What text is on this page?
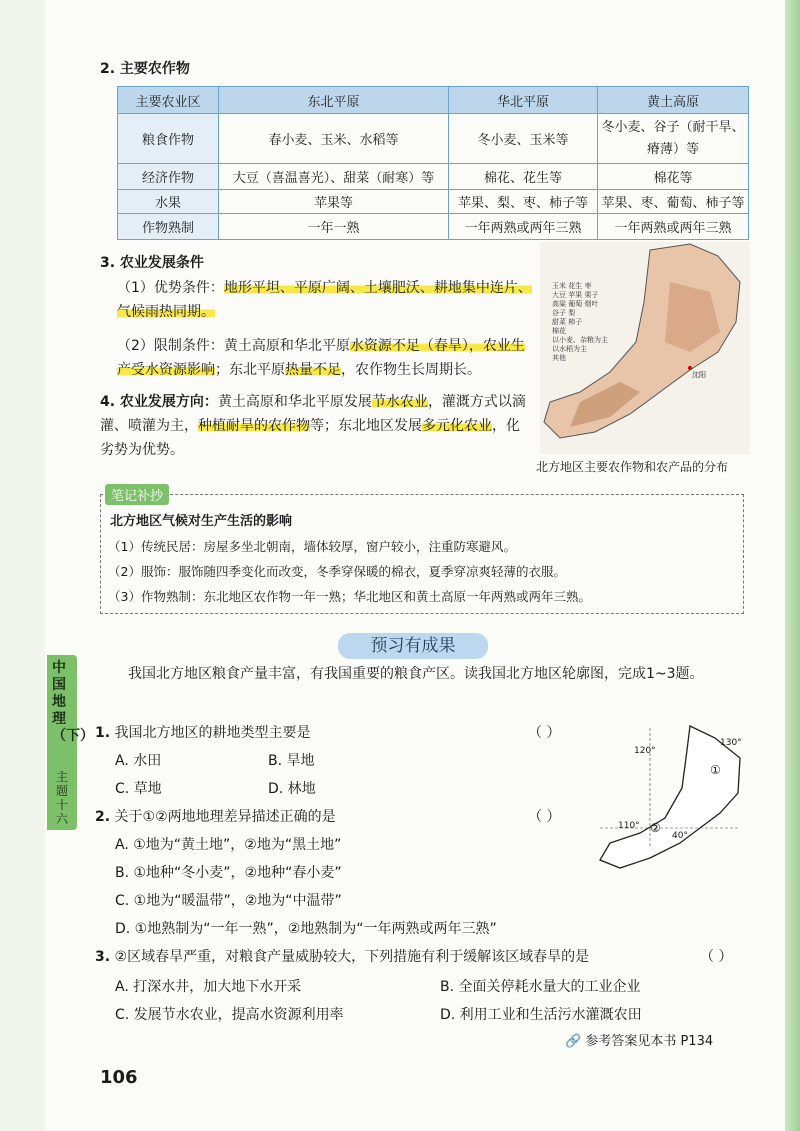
中国地理（下）
主题十六
2. 主要农作物
主要农业区	东北平原	华北平原	黄土高原
粮食作物	春小麦、玉米、水稻等	冬小麦、玉米等	冬小麦、谷子（耐干旱、瘠薄）等
经济作物	大豆（喜温喜光）、甜菜（耐寒）等	棉花、花生等	棉花等
水果	苹果等	苹果、梨、枣、柿子等	苹果、枣、葡萄、柿子等
作物熟制	一年一熟	一年两熟或两年三熟	一年两熟或两年三熟
3. 农业发展条件
（1）优势条件：地形平坦、平原广阔、土壤肥沃、耕地集中连片、气候雨热同期。
（2）限制条件：黄土高原和华北平原水资源不足（春旱），农业生产受水资源影响；东北平原热量不足，农作物生长周期长。
4. 农业发展方向：黄土高原和华北平原发展节水农业，灌溉方式以滴灌、喷灌为主，种植耐旱的农作物等；东北地区发展多元化农业，化劣势为优势。
玉米 花生 枣
大豆 苹果 栗子
高粱 葡萄 烟叶
谷子 梨
甜菜 柿子
棉花
以小麦、杂粮为主
以水稻为主
其他
沈阳
北方地区主要农作物和农产品的分布
笔记补抄
北方地区气候对生产生活的影响
（1）传统民居：房屋多坐北朝南，墙体较厚，窗户较小，注重防寒避风。
（2）服饰：服饰随四季变化而改变，冬季穿保暖的棉衣，夏季穿凉爽轻薄的衣服。
（3）作物熟制：东北地区农作物一年一熟；华北地区和黄土高原一年两熟或两年三熟。
预习有成果
我国北方地区粮食产量丰富，有我国重要的粮食产区。读我国北方地区轮廓图，完成1~3题。
1. 我国北方地区的耕地类型主要是	（ ）
A. 水田	B. 旱地
C. 草地	D. 林地
2. 关于①②两地地理差异描述正确的是	（ ）
A. ①地为“黄土地”，②地为“黑土地”
B. ①地种“冬小麦”，②地种“春小麦”
C. ①地为“暖温带”，②地为“中温带”
D. ①地熟制为“一年一熟”，②地熟制为“一年两熟或两年三熟”
120°
130°
①
②
110°
40°
3. ②区域春旱严重，对粮食产量威胁较大，下列措施有利于缓解该区域春旱的是	（ ）
A. 打深水井，加大地下水开采	B. 全面关停耗水量大的工业企业
C. 发展节水农业，提高水资源利用率	D. 利用工业和生活污水灌溉农田
🔗 参考答案见本书 P134
106
